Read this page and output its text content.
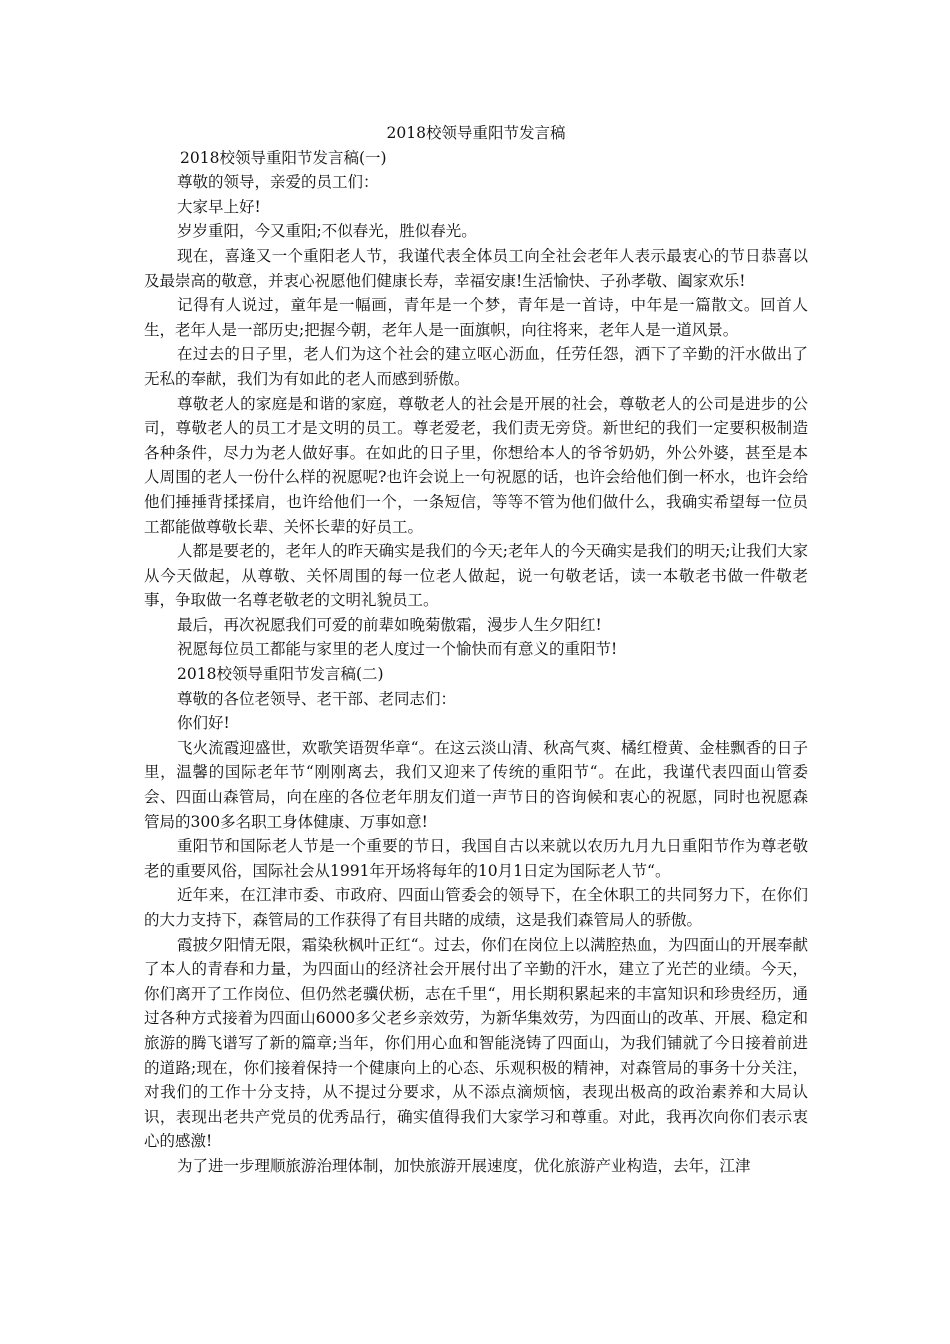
2018校领导重阳节发言稿

2018校领导重阳节发言稿(一)

尊敬的领导，亲爱的员工们：

大家早上好!

岁岁重阳，今又重阳;不似春光，胜似春光。

现在，喜逢又一个重阳老人节，我谨代表全体员工向全社会老年人表示最衷心的节日恭喜以及最崇高的敬意，并衷心祝愿他们健康长寿，幸福安康!生活愉快、子孙孝敬、阖家欢乐!

记得有人说过，童年是一幅画，青年是一个梦，青年是一首诗，中年是一篇散文。回首人生，老年人是一部历史;把握今朝，老年人是一面旗帜，向往将来，老年人是一道风景。

在过去的日子里，老人们为这个社会的建立呕心沥血，任劳任怨，洒下了辛勤的汗水做出了无私的奉献，我们为有如此的老人而感到骄傲。

尊敬老人的家庭是和谐的家庭，尊敬老人的社会是开展的社会，尊敬老人的公司是进步的公司，尊敬老人的员工才是文明的员工。尊老爱老，我们责无旁贷。新世纪的我们一定要积极制造各种条件，尽力为老人做好事。在如此的日子里，你想给本人的爷爷奶奶，外公外婆，甚至是本人周围的老人一份什么样的祝愿呢?也许会说上一句祝愿的话，也许会给他们倒一杯水，也许会给他们捶捶背揉揉肩，也许给他们一个，一条短信，等等不管为他们做什么，我确实希望每一位员工都能做尊敬长辈、关怀长辈的好员工。

人都是要老的，老年人的昨天确实是我们的今天;老年人的今天确实是我们的明天;让我们大家从今天做起，从尊敬、关怀周围的每一位老人做起，说一句敬老话，读一本敬老书做一件敬老事，争取做一名尊老敬老的文明礼貌员工。

最后，再次祝愿我们可爱的前辈如晚菊傲霜，漫步人生夕阳红!

祝愿每位员工都能与家里的老人度过一个愉快而有意义的重阳节!

2018校领导重阳节发言稿(二)

尊敬的各位老领导、老干部、老同志们：

你们好!

飞火流霞迎盛世，欢歌笑语贺华章“。在这云淡山清、秋高气爽、橘红橙黄、金桂飘香的日子里，温馨的国际老年节“刚刚离去，我们又迎来了传统的重阳节“。在此，我谨代表四面山管委会、四面山森管局，向在座的各位老年朋友们道一声节日的咨询候和衷心的祝愿，同时也祝愿森管局的300多名职工身体健康、万事如意!

重阳节和国际老人节是一个重要的节日，我国自古以来就以农历九月九日重阳节作为尊老敬老的重要风俗，国际社会从1991年开场将每年的10月1日定为国际老人节“。

近年来，在江津市委、市政府、四面山管委会的领导下，在全休职工的共同努力下，在你们的大力支持下，森管局的工作获得了有目共睹的成绩，这是我们森管局人的骄傲。

霞披夕阳情无限，霜染秋枫叶正红“。过去，你们在岗位上以满腔热血，为四面山的开展奉献了本人的青春和力量，为四面山的经济社会开展付出了辛勤的汗水，建立了光芒的业绩。今天，你们离开了工作岗位、但仍然老骥伏枥，志在千里“，用长期积累起来的丰富知识和珍贵经历，通过各种方式接着为四面山6000多父老乡亲效劳，为新华集效劳，为四面山的改革、开展、稳定和旅游的腾飞谱写了新的篇章;当年，你们用心血和智能浇铸了四面山，为我们铺就了今日接着前进的道路;现在，你们接着保持一个健康向上的心态、乐观积极的精神，对森管局的事务十分关注，对我们的工作十分支持，从不提过分要求，从不添点滴烦恼，表现出极高的政治素养和大局认识，表现出老共产党员的优秀品行，确实值得我们大家学习和尊重。对此，我再次向你们表示衷心的感激!

为了进一步理顺旅游治理体制，加快旅游开展速度，优化旅游产业构造，去年，江津
